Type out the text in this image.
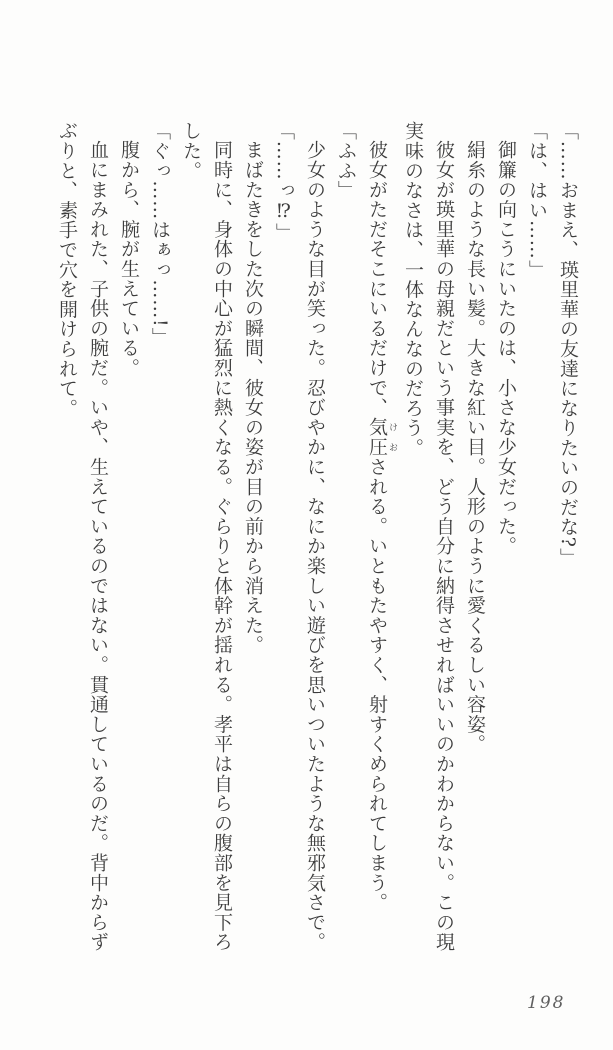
「……おまえ、瑛里華の友達になりたいのだな?」

「は、はい……」

御簾の向こうにいたのは、小さな少女だった。

絹糸のような長い髪。大きな紅い目。人形のように愛くるしい容姿。

彼女が瑛里華の母親だという事実を、どう自分に納得させればいいのかわからない。この現

実味のなさは、一体なんなのだろう。

彼女がただそこにいるだけで、気圧 けおされる。いともたやすく、射すくめられてしまう。

「ふふ」

少女のような目が笑った。忍びやかに、なにか楽しい遊びを思いついたような無邪気さで。

「……っ⁉」

まばたきをした次の瞬間、彼女の姿が目の前から消えた。

同時に、身体の中心が猛烈に熱くなる。ぐらりと体幹が揺れる。孝平は自らの腹部を見下ろ

した。

「ぐっ……はぁっ……!」

腹から、腕が生えている。

血にまみれた、子供の腕だ。いや、生えているのではない。貫通しているのだ。背中からず

ぶりと、素手で穴を開けられて。

198
